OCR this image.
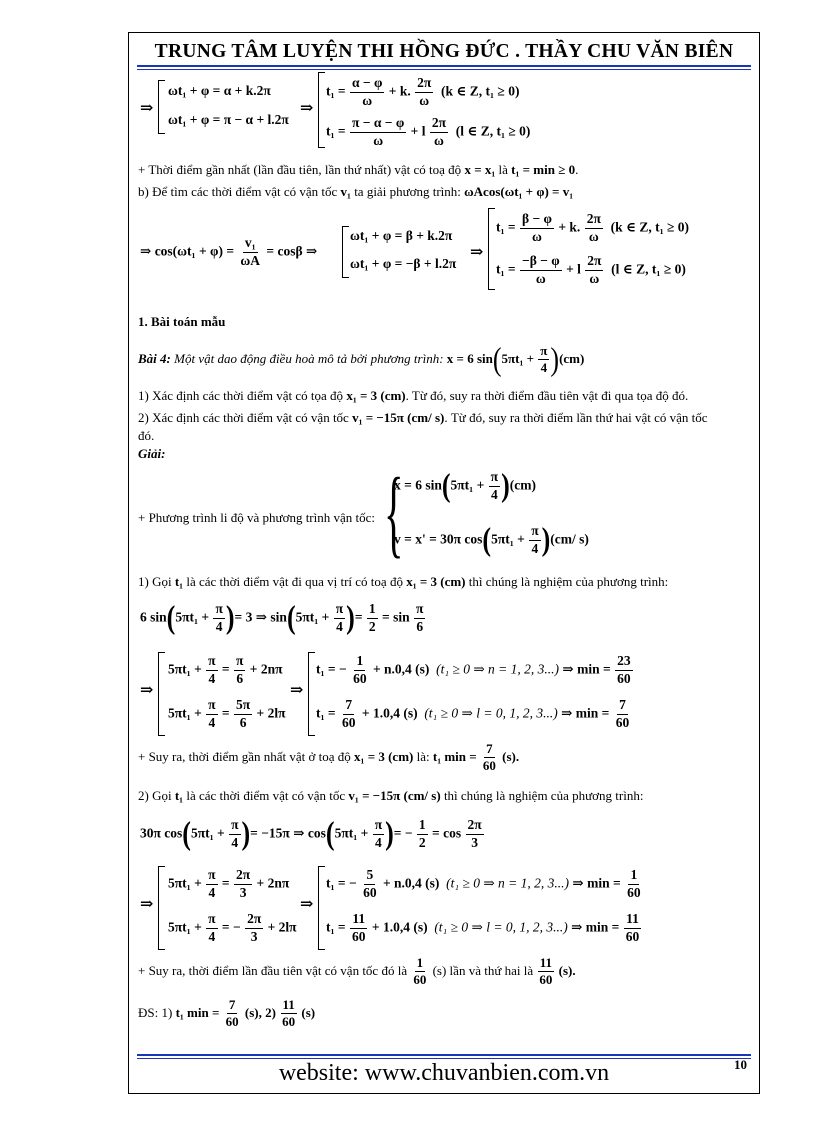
TRUNG TÂM LUYỆN THI HỒNG ĐỨC . THẦY CHU VĂN BIÊN
website: www.chuvanbien.com.vn	10
⇒
ωt₁ + φ = α + k.2π
ωt₁ + φ = π − α + l.2π
⇒
$t_1 = \frac{\alpha - \varphi}{\omega} + k$. $\frac{2\pi}{\omega} (k$ ∈ Z, t₁ ≥ 0)
$t_1 = \frac{\pi - \alpha - \varphi}{\omega} + l \frac{2\pi}{\omega} (l$ ∈ Z, t₁ ≥ 0)
+ Thời điểm gần nhất (lần đầu tiên, lần thứ nhất) vật có toạ độ x = x₁ là t₁ = min ≥ 0.
b) Để tìm các thời điểm vật có vận tốc v₁ ta giải phương trình: ωAcos(ωt₁ + φ) = v₁
⇒ $\cos(\omega t_1 + \varphi) = \frac{\text{v₁}}{\omega A} = \cos\beta$ ⇒
ωt₁ + φ = β + k.2π
ωt₁ + φ = −β + l.2π
⇒
$t_1 = \frac{\beta - \varphi}{\omega} + k$. $\frac{2\pi}{\omega} (k$ ∈ Z, t₁ ≥ 0)
$t_1 = \frac{-\beta - \varphi}{\omega} + l \frac{2\pi}{\omega} (l$ ∈ Z, t₁ ≥ 0)
1. Bài toán mẫu
Bài 4: Một vật dao động điều hoà mô tả bởi phương trình: x = 6 $\sin(5\pi t_1 + \frac{\pi}{4} )(cm)$
1) Xác định các thời điểm vật có tọa độ x₁ = 3 (cm). Từ đó, suy ra thời điểm đầu tiên vật đi qua tọa độ đó.
2) Xác định các thời điểm vật có vận tốc v₁ = −15π (cm/ s). Từ đó, suy ra thời điểm lần thứ hai vật có vận tốc
đó.
Giải:
+ Phương trình li độ và phương trình vận tốc: {
x = 6 $\sin(5\pi t_1 + \frac{\pi}{4} )(cm)$
v = x' = 30π $\cos(5\pi t_1 + \frac{\pi}{4} )(cm/$ s)
1) Gọi t₁ là các thời điểm vật đi qua vị trí có toạ độ x₁ = 3 (cm) thì chúng là nghiệm của phương trình:
6 $\sin(5\pi t_1 + \frac{\pi}{4}$ )= 3 ⇒ $\sin(5\pi t_1 + \frac{\pi}{4}$ )= $\frac{1}{2} = \sin \frac{\pi}{6}$
⇒
$5\pi t_1 + \frac{\pi}{4} = \frac{\pi}{6} + 2n\pi$
$5\pi t_1 + \frac{\pi}{4} = \frac{5\pi}{6} + 2l\pi$
⇒
t₁ = − $\frac{1}{60} + n.0,4$ (s) (t₁ ≥ 0 ⇒ n = 1, 2, 3...) ⇒ $\min = \frac{23}{60}$
$t_1 = \frac{7}{60} + 1.0,4$ (s) (t₁ ≥ 0 ⇒ l = 0, 1, 2, 3...) ⇒ $\min = \frac{7}{60}$
+ Suy ra, thời điểm gần nhất vật ở toạ độ x₁ = 3 (cm) là: t₁ $\min = \frac{7}{60} (s)$.
2) Gọi t₁ là các thời điểm vật có vận tốc v₁ = −15π (cm/ s) thì chúng là nghiệm của phương trình:
30π $\cos(5\pi t_1 + \frac{\pi}{4}$ )= −15π ⇒ $\cos(5\pi t_1 + \frac{\pi}{4}$ )= − $\frac{1}{2} = \cos \frac{2\pi}{3}$
⇒
$5\pi t_1 + \frac{\pi}{4} = \frac{2\pi}{3} + 2n\pi$
$5\pi t_1 + \frac{\pi}{4}$ = − $\frac{2\pi}{3} + 2l\pi$
⇒
t₁ = − $\frac{5}{60} + n.0,4$ (s) (t₁ ≥ 0 ⇒ n = 1, 2, 3...) ⇒ $\min = \frac{1}{60}$
$t_1 = \frac{11}{60} + 1.0,4$ (s) (t₁ ≥ 0 ⇒ l = 0, 1, 2, 3...) ⇒ $\min = \frac{11}{60}$
+ Suy ra, thời điểm lần đầu tiên vật có vận tốc đó là $\frac{1}{60} (s)$ lần và thứ hai là $\frac{11}{60} (s)$.
ĐS: 1) t₁ $\min = \frac{7}{60} (s)$, $2) \frac{11}{60} (s)$
